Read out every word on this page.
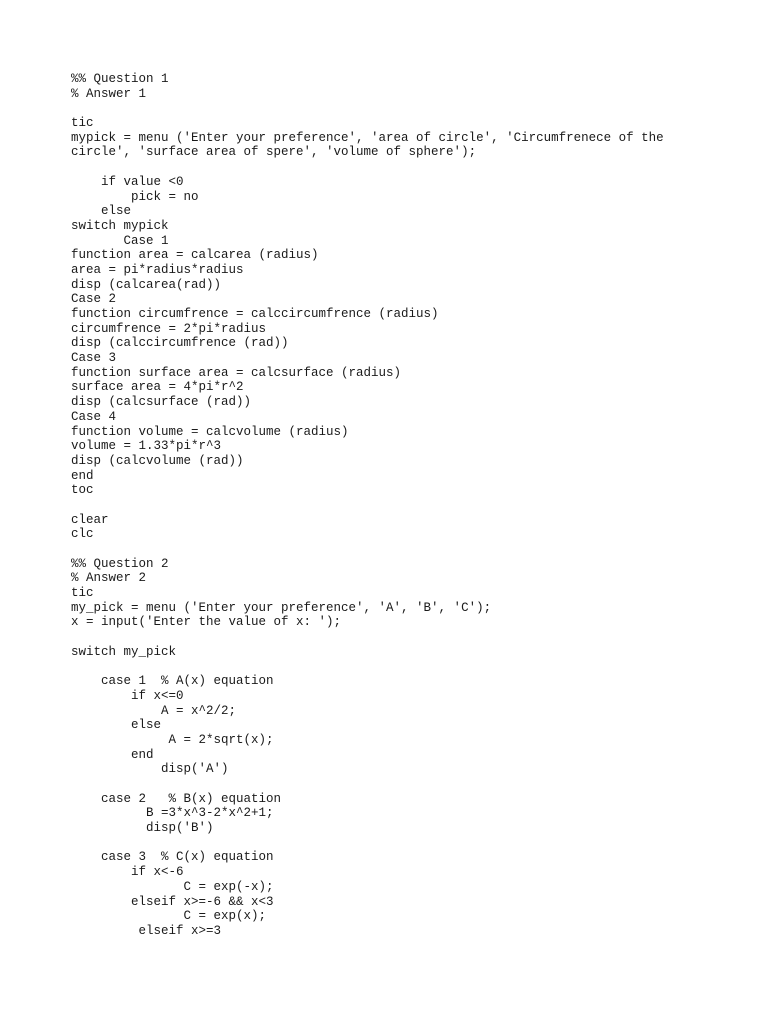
%% Question 1
% Answer 1
tic
mypick = menu ('Enter your preference', 'area of circle', 'Circumfrenece of the
circle', 'surface area of spere', 'volume of sphere');
if value <0
pick = no
else
switch mypick
Case 1
function area = calcarea (radius)
area = pi*radius*radius
disp (calcarea(rad))
Case 2
function circumfrence = calccircumfrence (radius)
circumfrence = 2*pi*radius
disp (calccircumfrence (rad))
Case 3
function surface area = calcsurface (radius)
surface area = 4*pi*r^2
disp (calcsurface (rad))
Case 4
function volume = calcvolume (radius)
volume = 1.33*pi*r^3
disp (calcvolume (rad))
end
toc
clear
clc
%% Question 2
% Answer 2
tic
my_pick = menu ('Enter your preference', 'A', 'B', 'C');
x = input('Enter the value of x: ');
switch my_pick
case 1  % A(x) equation
if x<=0
A = x^2/2;
else
A = 2*sqrt(x);
end
disp('A')
case 2   % B(x) equation
B =3*x^3-2*x^2+1;
disp('B')
case 3  % C(x) equation
if x<-6
C = exp(-x);
elseif x>=-6 && x<3
C = exp(x);
elseif x>=3
